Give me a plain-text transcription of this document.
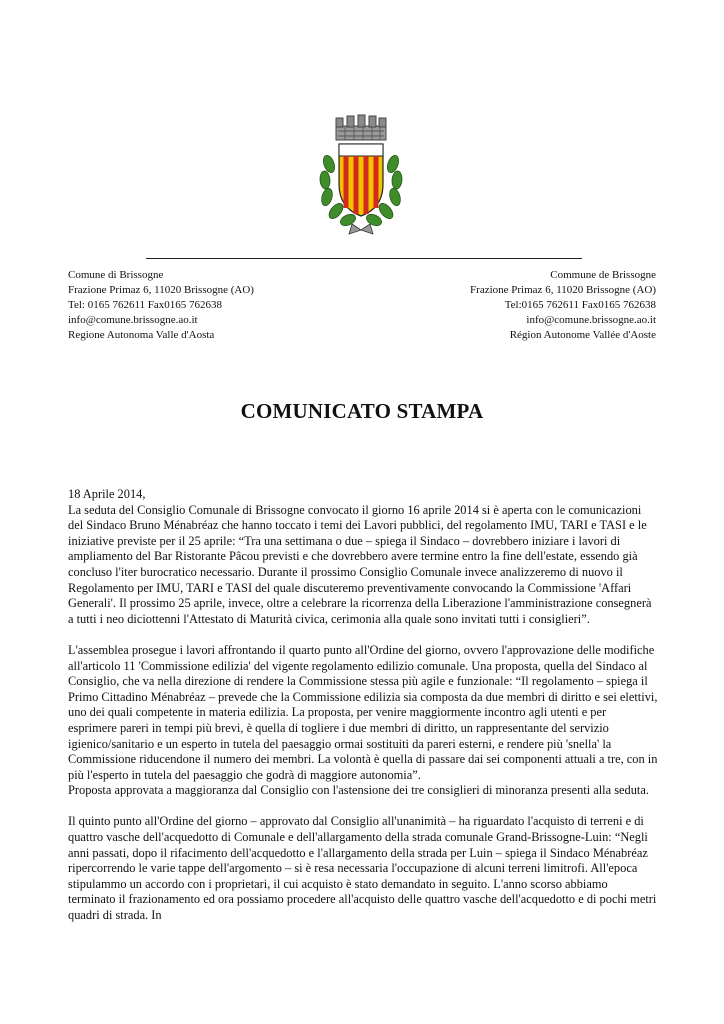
Comune di Brissogne
Frazione Primaz 6, 11020 Brissogne (AO)
Tel: 0165 762611 Fax0165 762638
info@comune.brissogne.ao.it
Regione Autonoma Valle d'Aosta
Commune de Brissogne
Frazione Primaz 6, 11020 Brissogne (AO)
Tel:0165 762611 Fax0165 762638
info@comune.brissogne.ao.it
Région Autonome Vallée d'Aoste
COMUNICATO STAMPA

18 Aprile 2014,
La seduta del Consiglio Comunale di Brissogne convocato il giorno 16 aprile 2014 si è aperta con le comunicazioni del Sindaco Bruno Ménabréaz che hanno toccato i temi dei Lavori pubblici, del regolamento IMU, TARI e TASI e le iniziative previste per il 25 aprile: “Tra una settimana o due – spiega il Sindaco – dovrebbero iniziare i lavori di ampliamento del Bar Ristorante Pâcou previsti e che dovrebbero avere termine entro la fine dell'estate, essendo già concluso l'iter burocratico necessario. Durante il prossimo Consiglio Comunale invece analizzeremo di nuovo il Regolamento per IMU, TARI e TASI del quale discuteremo preventivamente convocando la Commissione 'Affari Generali'. Il prossimo 25 aprile, invece, oltre a celebrare la ricorrenza della Liberazione l'amministrazione consegnerà a tutti i neo diciottenni l'Attestato di Maturità civica, cerimonia alla quale sono invitati tutti i consiglieri”.

L'assemblea prosegue i lavori affrontando il quarto punto all'Ordine del giorno, ovvero l'approvazione delle modifiche all'articolo 11 'Commissione edilizia' del vigente regolamento edilizio comunale. Una proposta, quella del Sindaco al Consiglio, che va nella direzione di rendere la Commissione stessa più agile e funzionale: “Il regolamento – spiega il Primo Cittadino Ménabréaz – prevede che la Commissione edilizia sia composta da due membri di diritto e sei elettivi, uno dei quali competente in materia edilizia. La proposta, per venire maggiormente incontro agli utenti e per esprimere pareri in tempi più brevi, è quella di togliere i due membri di diritto, un rappresentante del servizio igienico/sanitario e un esperto in tutela del paesaggio ormai sostituiti da pareri esterni, e rendere più 'snella' la Commissione riducendone il numero dei membri. La volontà è quella di passare dai sei componenti attuali a tre, con in più l'esperto in tutela del paesaggio che godrà di maggiore autonomia”.
Proposta approvata a maggioranza dal Consiglio con l'astensione dei tre consiglieri di minoranza presenti alla seduta.

Il quinto punto all'Ordine del giorno – approvato dal Consiglio all'unanimità – ha riguardato l'acquisto di terreni e di quattro vasche dell'acquedotto di Comunale e dell'allargamento della strada comunale Grand-Brissogne-Luin: “Negli anni passati, dopo il rifacimento dell'acquedotto e l'allargamento della strada per Luin – spiega il Sindaco Ménabréaz ripercorrendo le varie tappe dell'argomento – si è resa necessaria l'occupazione di alcuni terreni limitrofi. All'epoca stipulammo un accordo con i proprietari, il cui acquisto è stato demandato in seguito. L'anno scorso abbiamo terminato il frazionamento ed ora possiamo procedere all'acquisto delle quattro vasche dell'acquedotto e di pochi metri quadri di strada. In
